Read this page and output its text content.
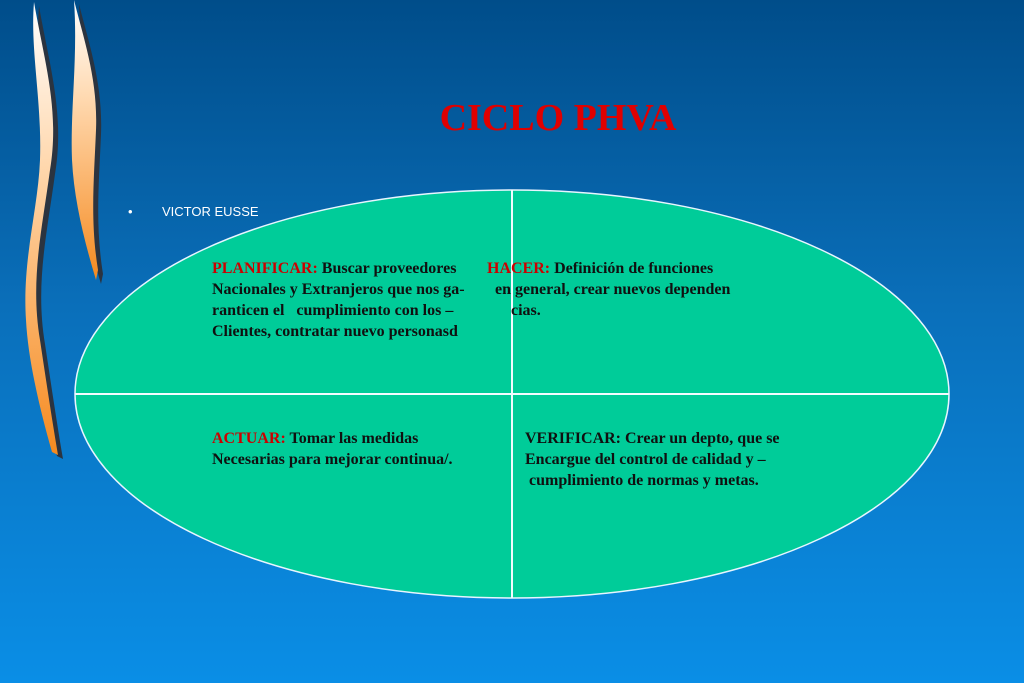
CICLO PHVA
• VICTOR EUSSE
PLANIFICAR: Buscar proveedores
Nacionales y Extranjeros que nos ga-
ranticen el   cumplimiento con los –
Clientes, contratar nuevo personasd
HACER: Definición de funciones
en general, crear nuevos dependen
cias.
ACTUAR: Tomar las medidas
Necesarias para mejorar continua/.
VERIFICAR: Crear un depto, que se
Encargue del control de calidad y –
cumplimiento de normas y metas.
